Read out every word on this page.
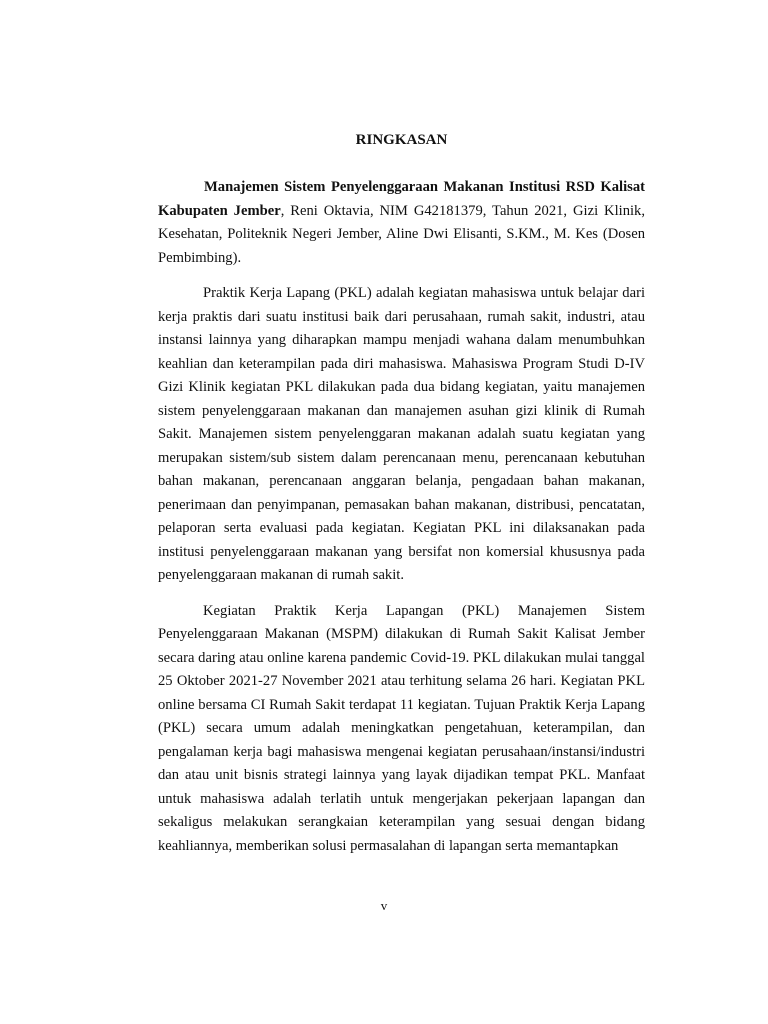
RINGKASAN

Manajemen Sistem Penyelenggaraan Makanan Institusi RSD Kalisat Kabupaten Jember, Reni Oktavia, NIM G42181379, Tahun 2021, Gizi Klinik, Kesehatan, Politeknik Negeri Jember, Aline Dwi Elisanti, S.KM., M. Kes (Dosen Pembimbing).

Praktik Kerja Lapang (PKL) adalah kegiatan mahasiswa untuk belajar dari kerja praktis dari suatu institusi baik dari perusahaan, rumah sakit, industri, atau instansi lainnya yang diharapkan mampu menjadi wahana dalam menumbuhkan keahlian dan keterampilan pada diri mahasiswa. Mahasiswa Program Studi D-IV Gizi Klinik kegiatan PKL dilakukan pada dua bidang kegiatan, yaitu manajemen sistem penyelenggaraan makanan dan manajemen asuhan gizi klinik di Rumah Sakit. Manajemen sistem penyelenggaran makanan adalah suatu kegiatan yang merupakan sistem/sub sistem dalam perencanaan menu, perencanaan kebutuhan bahan makanan, perencanaan anggaran belanja, pengadaan bahan makanan, penerimaan dan penyimpanan, pemasakan bahan makanan, distribusi, pencatatan, pelaporan serta evaluasi pada kegiatan. Kegiatan PKL ini dilaksanakan pada institusi penyelenggaraan makanan yang bersifat non komersial khususnya pada penyelenggaraan makanan di rumah sakit.

Kegiatan Praktik Kerja Lapangan (PKL) Manajemen Sistem Penyelenggaraan Makanan (MSPM) dilakukan di Rumah Sakit Kalisat Jember secara daring atau online karena pandemic Covid-19. PKL dilakukan mulai tanggal 25 Oktober 2021-27 November 2021 atau terhitung selama 26 hari. Kegiatan PKL online bersama CI Rumah Sakit terdapat 11 kegiatan. Tujuan Praktik Kerja Lapang (PKL) secara umum adalah meningkatkan pengetahuan, keterampilan, dan pengalaman kerja bagi mahasiswa mengenai kegiatan perusahaan/instansi/industri dan atau unit bisnis strategi lainnya yang layak dijadikan tempat PKL. Manfaat untuk mahasiswa adalah terlatih untuk mengerjakan pekerjaan lapangan dan sekaligus melakukan serangkaian keterampilan yang sesuai dengan bidang keahliannya, memberikan solusi permasalahan di lapangan serta memantapkan

v
